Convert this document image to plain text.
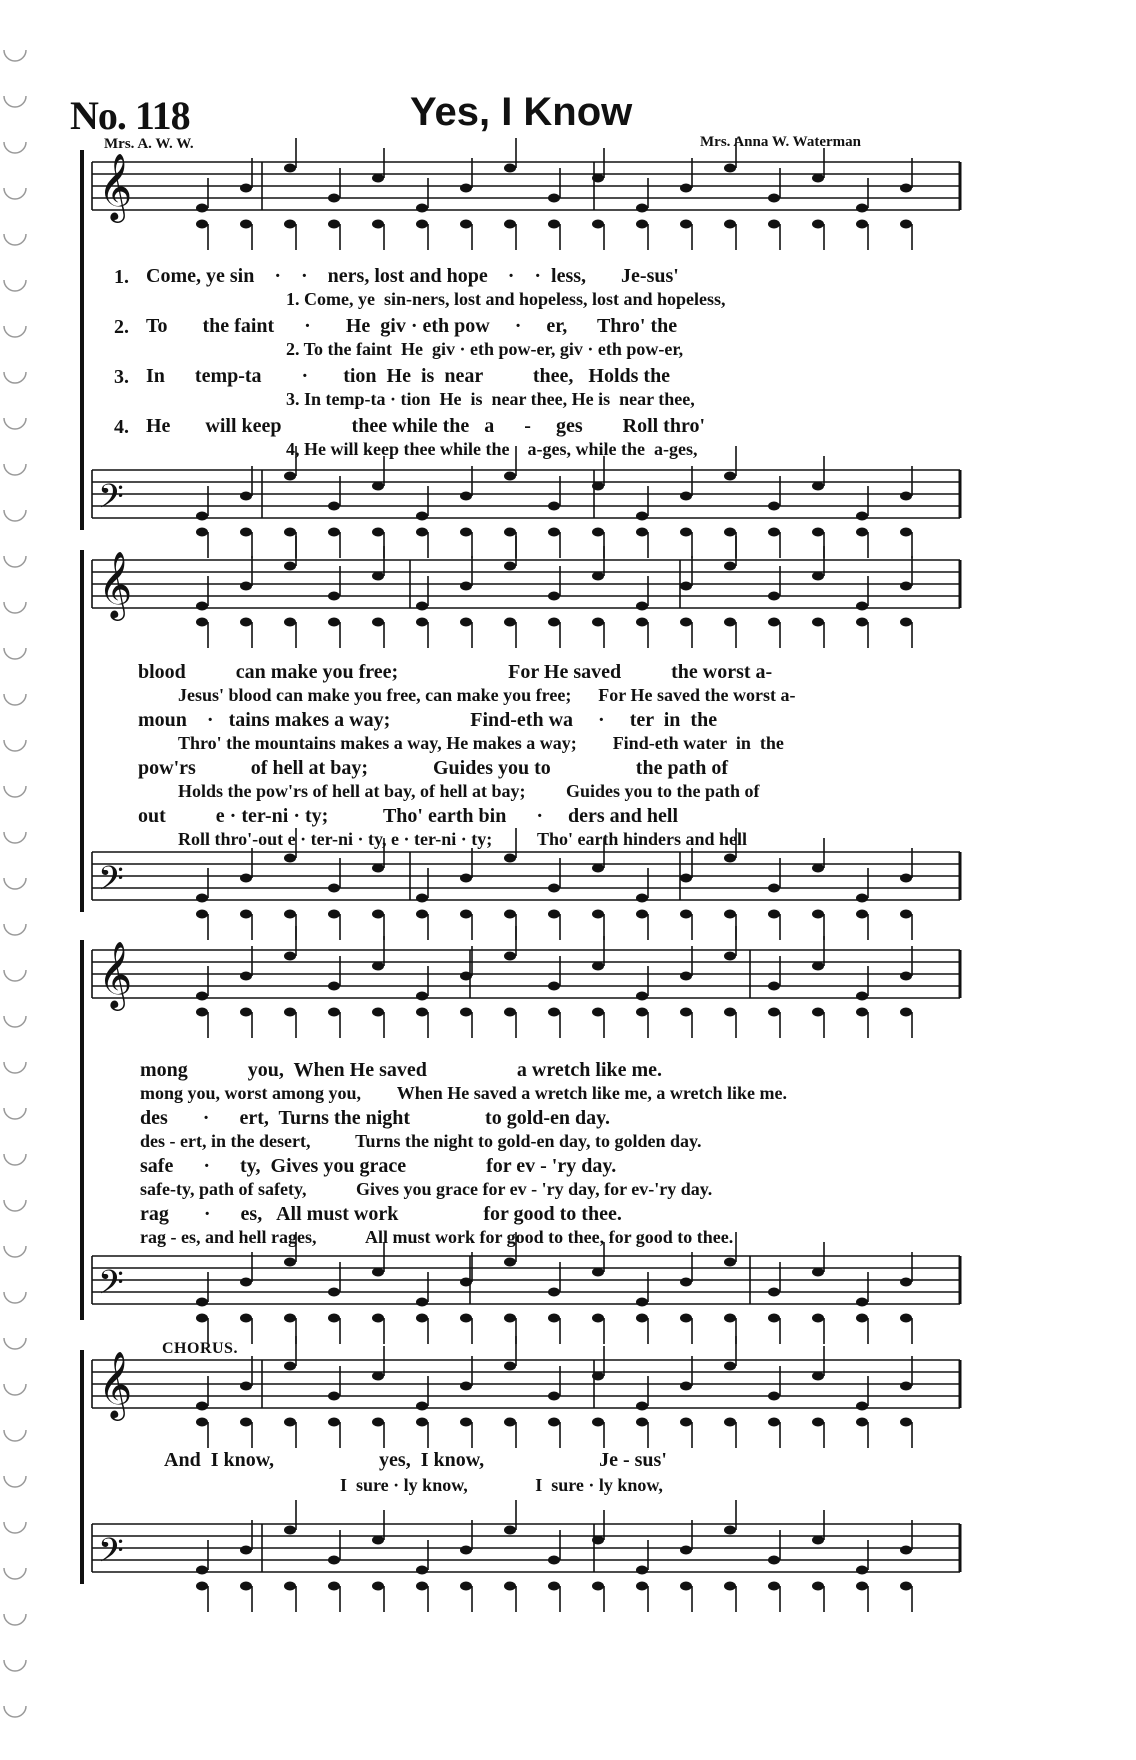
No. 118	Yes, I Know
Mrs. A. W. W.	Mrs. Anna W. Waterman
𝄞
𝄢
𝄞
𝄢
𝄞
𝄢
𝄞
𝄢
1. Come, ye sin    ·    ·    ners, lost and hope    ·    ·  less,       Je-sus'
1. Come, ye  sin-ners, lost and hopeless, lost and hopeless,
2. To       the faint      ·       He  giv · eth pow     ·     er,      Thro' the
2. To the faint  He  giv · eth pow-er, giv · eth pow-er,
3. In      temp-ta        ·       tion  He  is  near          thee,   Holds the
3. In temp-ta · tion  He  is  near thee, He is  near thee,
4. He       will keep              thee while the   a      -     ges        Roll thro'
4, He will keep thee while the    a-ges, while the  a-ges,
blood          can make you free;                      For He saved          the worst a-
Jesus' blood can make you free, can make you free;      For He saved the worst a-
moun    ·   tains makes a way;                Find-eth wa     ·     ter  in  the
Thro' the mountains makes a way, He makes a way;        Find-eth water  in  the
pow'rs           of hell at bay;             Guides you to                 the path of
Holds the pow'rs of hell at bay, of hell at bay;         Guides you to the path of
out          e · ter-ni · ty;           Tho' earth bin      ·     ders and hell
Roll thro'-out e · ter-ni · ty, e · ter-ni · ty;          Tho' earth hinders and hell
mong            you,  When He saved                  a wretch like me.
mong you, worst among you,        When He saved a wretch like me, a wretch like me.
des       ·      ert,  Turns the night               to gold-en day.
des - ert, in the desert,          Turns the night to gold-en day, to golden day.
safe      ·      ty,  Gives you grace                for ev - 'ry day.
safe-ty, path of safety,           Gives you grace for ev - 'ry day, for ev-'ry day.
rag       ·      es,   All must work                 for good to thee.
rag - es, and hell rages,           All must work for good to thee, for good to thee.
CHORUS.
And  I know,                     yes,  I know,                       Je - sus'
I  sure · ly know,               I  sure · ly know,
